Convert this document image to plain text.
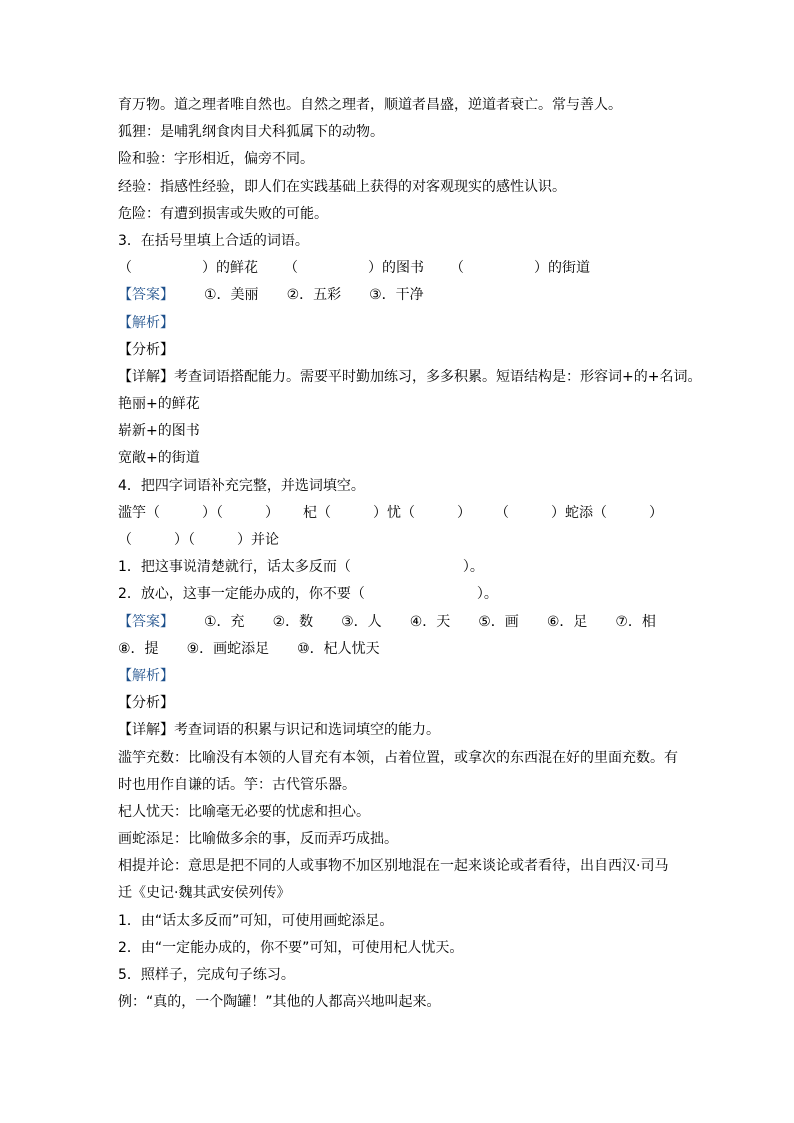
育万物。道之理者唯自然也。自然之理者，顺道者昌盛，逆道者衰亡。常与善人。
狐狸：是哺乳纲食肉目犬科狐属下的动物。
险和验：字形相近，偏旁不同。
经验：指感性经验，即人们在实践基础上获得的对客观现实的感性认识。
危险：有遭到损害或失败的可能。
3．在括号里填上合适的词语。
（　　　　　）的鲜花 （　　　　　）的图书 （　　　　　）的街道
【答案】 ①．美丽 ②．五彩 ③．干净
【解析】
【分析】
【详解】考查词语搭配能力。需要平时勤加练习，多多积累。短语结构是：形容词+的+名词。
艳丽+的鲜花
崭新+的图书
宽敞+的街道
4．把四字词语补充完整，并选词填空。
滥竽（　　　）（　　　） 杞（　　　）忧（　　　） （　　　）蛇添（　　　）
（　　　）（　　　）并论
1．把这事说清楚就行，话太多反而（　　　　　　　　）。
2．放心，这事一定能办成的，你不要（　　　　　　　　）。
【答案】 ①．充 ②．数 ③．人 ④．天 ⑤．画 ⑥．足 ⑦．相
⑧．提 ⑨．画蛇添足 ⑩．杞人忧天
【解析】
【分析】
【详解】考查词语的积累与识记和选词填空的能力。
滥竽充数：比喻没有本领的人冒充有本领，占着位置，或拿次的东西混在好的里面充数。有
时也用作自谦的话。竽：古代管乐器。
杞人忧天：比喻毫无必要的忧虑和担心。
画蛇添足：比喻做多余的事，反而弄巧成拙。
相提并论：意思是把不同的人或事物不加区别地混在一起来谈论或者看待，出自西汉·司马
迁《史记·魏其武安侯列传》
1．由“话太多反而”可知，可使用画蛇添足。
2．由“一定能办成的，你不要”可知，可使用杞人忧天。
5．照样子，完成句子练习。
例：“真的，一个陶罐！”其他的人都高兴地叫起来。
